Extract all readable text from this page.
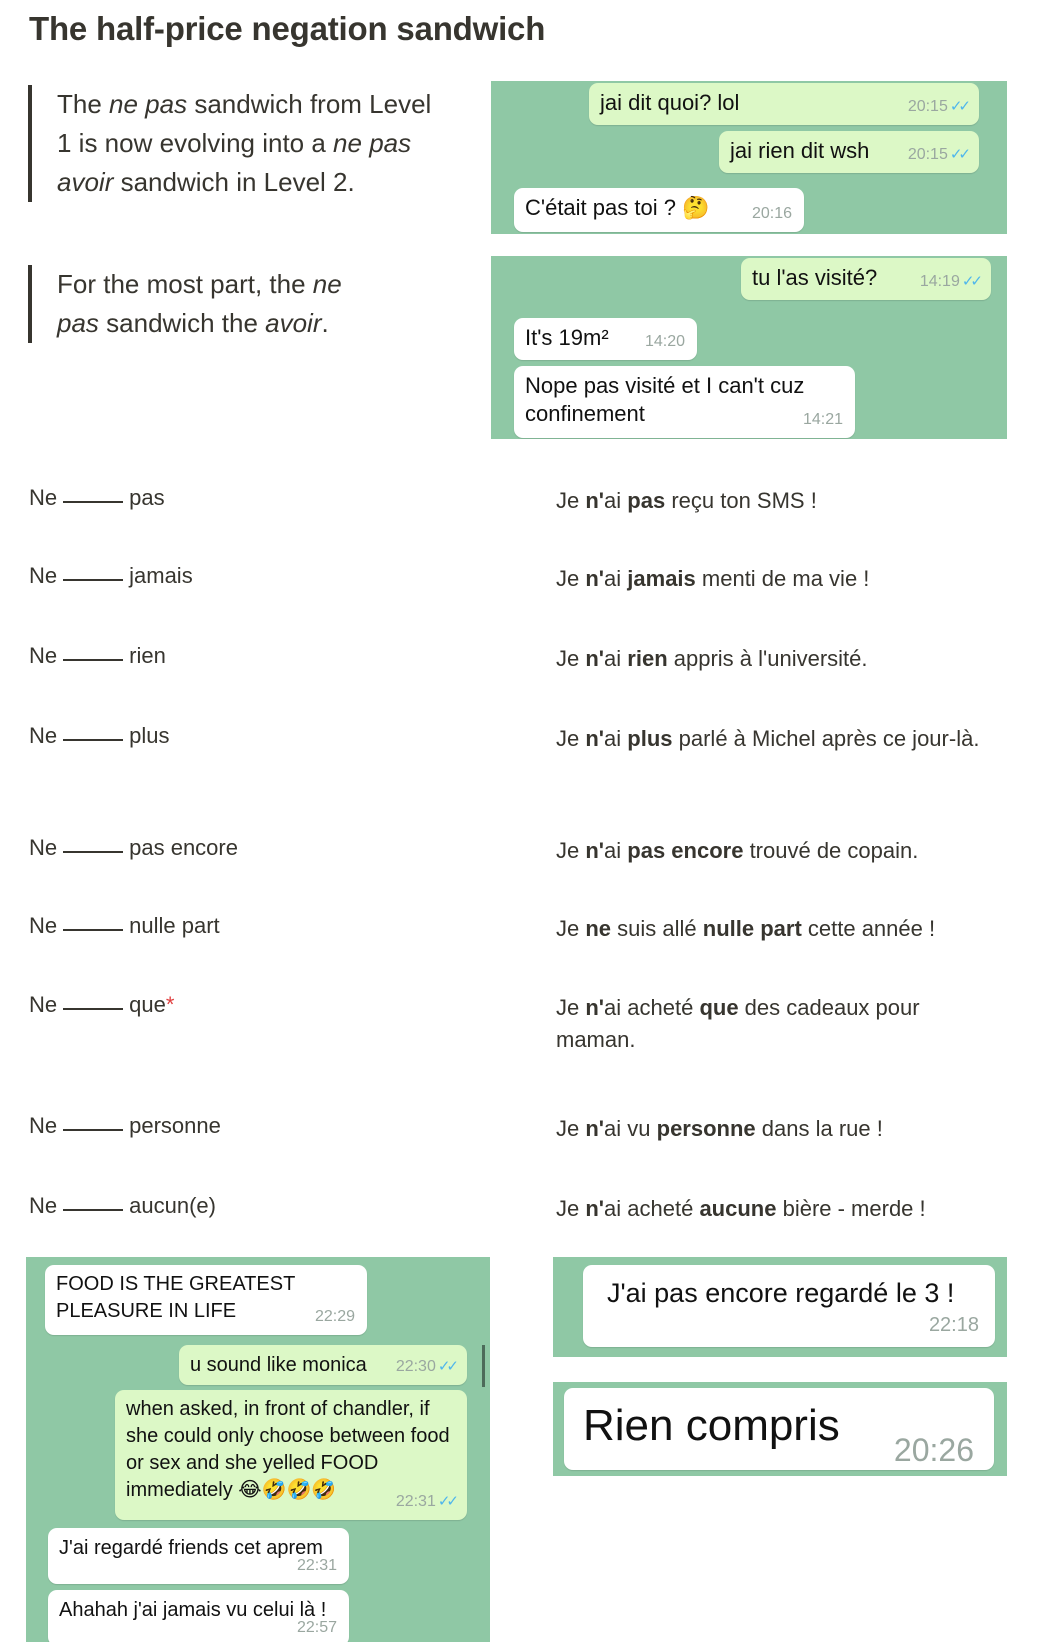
The half-price negation sandwich

The ne pas sandwich from Level 1 is now evolving into a ne pas avoir sandwich in Level 2.

For the most part, the ne pas sandwich the avoir.

jai dit quoi? lol	20:15 ✓✓
jai rien dit wsh 20:15 ✓✓
C'était pas toi ? 🤔	20:16
tu l'as visité?	14:19 ✓✓
It's 19m² 14:20
Nope pas visité et I can't cuz confinement	14:21
Ne	pas	Je n'ai pas reçu ton SMS !
Ne	jamais	Je n'ai jamais menti de ma vie !
Ne	rien	Je n'ai rien appris à l'université.
Ne	plus	Je n'ai plus parlé à Michel après ce jour-là.
Ne	pas encore	Je n'ai pas encore trouvé de copain.
Ne	nulle part	Je ne suis allé nulle part cette année !
Ne	que*	Je n'ai acheté que des cadeaux pour maman.
Ne	personne	Je n'ai vu personne dans la rue !
Ne	aucun(e)	Je n'ai acheté aucune bière - merde !
FOOD IS THE GREATEST PLEASURE IN LIFE	22:29
u sound like monica 22:30 ✓✓
when asked, in front of chandler, if she could only choose between food or sex and she yelled FOOD immediately 😂🤣🤣🤣
22:31 ✓✓
J'ai regardé friends cet aprem
22:31
Ahahah j'ai jamais vu celui là !
22:57
J'ai pas encore regardé le 3 !
22:18
Rien compris 20:26
